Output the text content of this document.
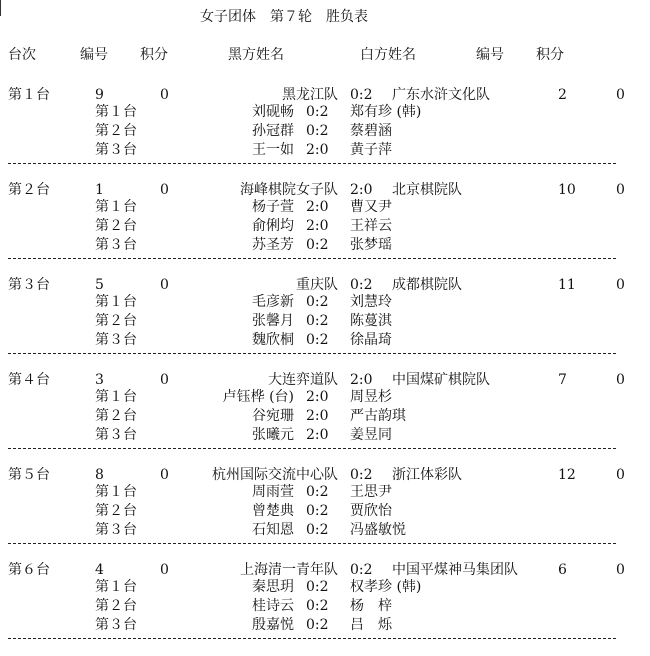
女子团体　第７轮　胜负表
台次	编号 积分	黑方姓名	白方姓名	编号 积分
第１台	9	0	黑龙江队 0:2 广东水浒文化队	2	0
第１台	刘砚畅 0:2 郑有珍 (韩)
第２台	孙冠群 0:2 蔡碧涵
第３台	王一如 2:0 黄子萍
第２台	1	0	海峰棋院女子队 2:0 北京棋院队	10	0
第１台	杨子萱 2:0 曹又尹
第２台	俞俐均 2:0 王祥云
第３台	苏圣芳 0:2 张梦瑶
第３台	5	0	重庆队 0:2 成都棋院队	11	0
第１台	毛彦新 0:2 刘慧玲
第２台	张馨月 0:2 陈蔓淇
第３台	魏欣桐 0:2 徐晶琦
第４台	3	0	大连弈道队 2:0 中国煤矿棋院队	7	0
第１台	卢钰桦 (台) 2:0 周昱杉
第２台	谷宛珊 2:0 严古韵琪
第３台	张曦元 2:0 姜昱同
第５台	8	0	杭州国际交流中心队 0:2 浙江体彩队	12	0
第１台	周雨萱 0:2 王思尹
第２台	曾楚典 0:2 贾欣怡
第３台	石知恩 0:2 冯盛敏悦
第６台	4	0	上海清一青年队 0:2 中国平煤神马集团队	6	0
第１台	秦思玥 0:2 权孝珍 (韩)
第２台	桂诗云 0:2 杨　梓
第３台	殷嘉悦 0:2 吕　烁
